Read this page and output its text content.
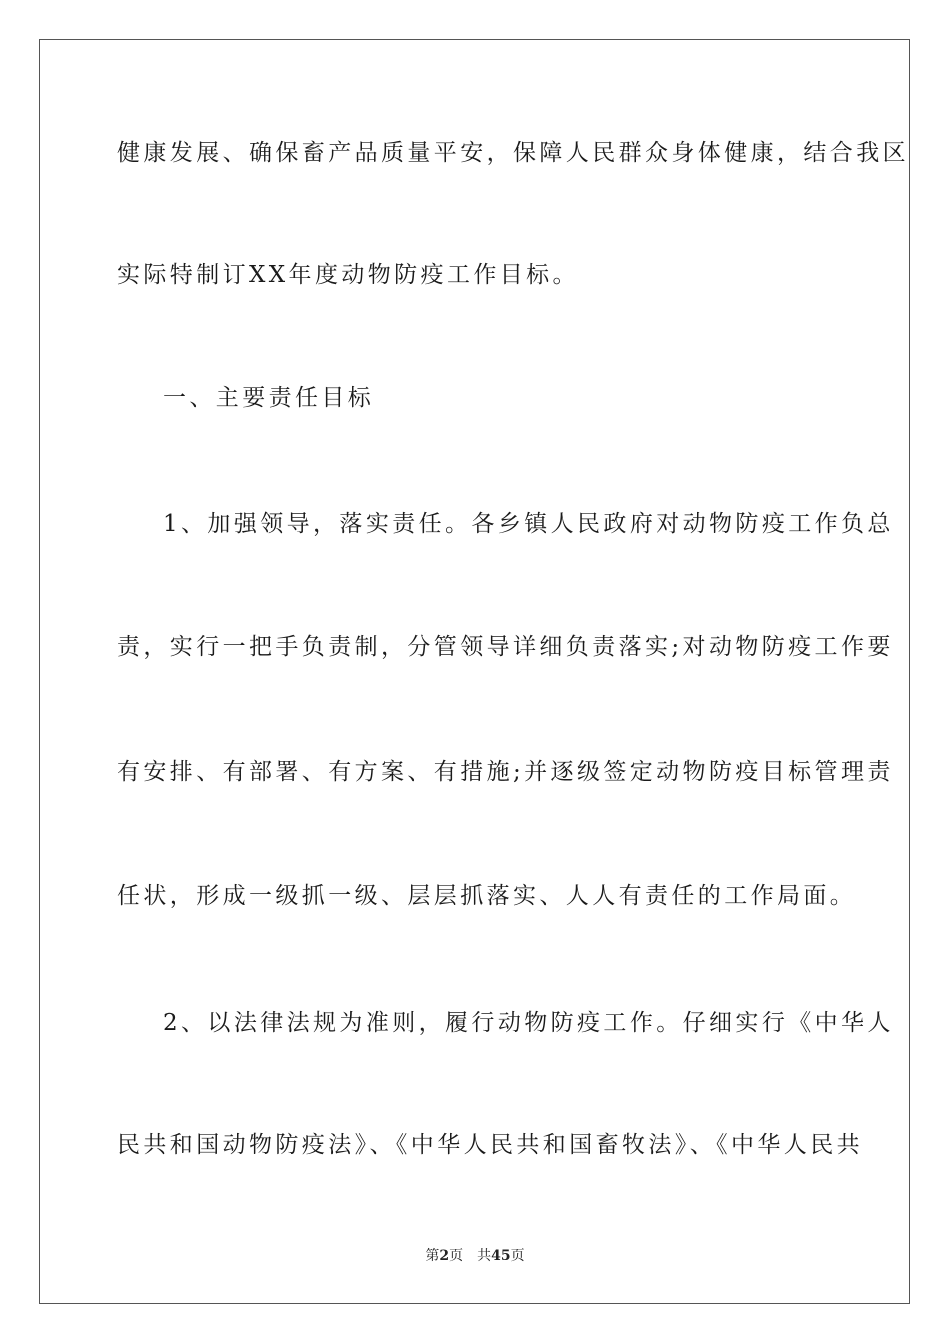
健康发展、确保畜产品质量平安，保障人民群众身体健康，结合我区
实际特制订XX年度动物防疫工作目标。
一、主要责任目标
1、加强领导，落实责任。各乡镇人民政府对动物防疫工作负总
责，实行一把手负责制，分管领导详细负责落实;对动物防疫工作要
有安排、有部署、有方案、有措施;并逐级签定动物防疫目标管理责
任状，形成一级抓一级、层层抓落实、人人有责任的工作局面。
2、以法律法规为准则，履行动物防疫工作。仔细实行《中华人
民共和国动物防疫法》、《中华人民共和国畜牧法》、《中华人民共
第2页 共45页
